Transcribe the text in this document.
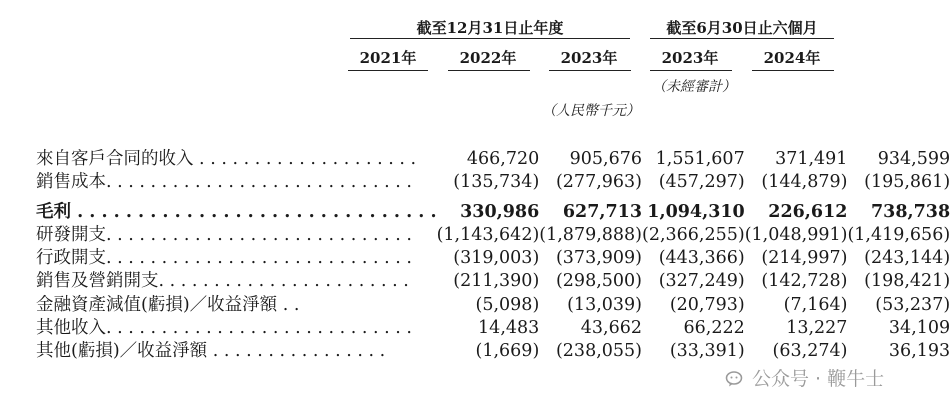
截至12月31日止年度	截至6月30日止六個月
2021年	2022年	2023年	2023年	2024年
（未經審計）
（人民幣千元）
來自客戶合同的收入 . . . . . . . . . . . . . . . . . . . .	466,720	905,676	1,551,607	371,491	934,599
銷售成本. . . . . . . . . . . . . . . . . . . . . . . . . . . .	(135,734)	(277,963)	(457,297)	(144,879)	(195,861)

毛利 . . . . . . . . . . . . . . . . . . . . . . . . . . . . . .	330,986	627,713	1,094,310	226,612	738,738
研發開支. . . . . . . . . . . . . . . . . . . . . . . . . . . .	(1,143,642)	(1,879,888)	(2,366,255)	(1,048,991)	(1,419,656)
行政開支. . . . . . . . . . . . . . . . . . . . . . . . . . . .	(319,003)	(373,909)	(443,366)	(214,997)	(243,144)
銷售及營銷開支. . . . . . . . . . . . . . . . . . . . . . .	(211,390)	(298,500)	(327,249)	(142,728)	(198,421)
金融資產減值(虧損)／收益淨額 . .	(5,098)	(13,039)	(20,793)	(7,164)	(53,237)
其他收入. . . . . . . . . . . . . . . . . . . . . . . . . . . .	14,483	43,662	66,222	13,227	34,109
其他(虧損)／收益淨額 . . . . . . . . . . . . . . . .	(1,669)	(238,055)	(33,391)	(63,274)	36,193
公众号 · 鞭牛士
